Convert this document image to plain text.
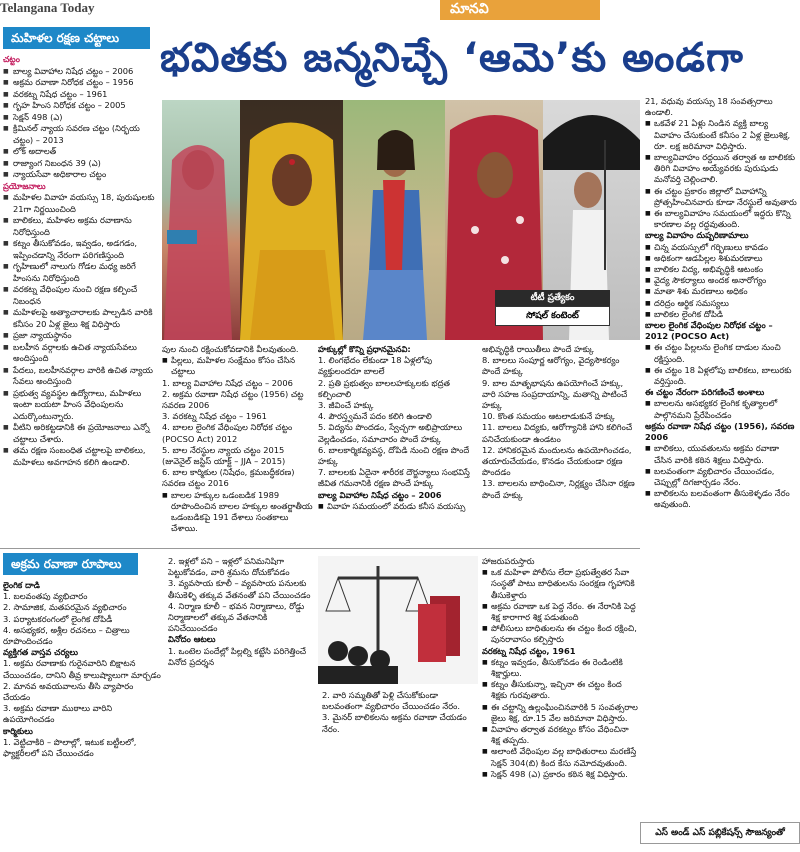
Telangana Today	మానవి
మహిళల రక్షణ చట్టాలు
చట్టం
■ బాల్య వివాహాల నిషేధ చట్టం – 2006
■ అక్రమ రవాణా నిరోధక చట్టం – 1956
■ వరకట్న నిషేధ చట్టం – 1961
■ గృహ హింస నిరోధక చట్టం – 2005
■ సెక్షన్ 498 (ఎ)
■ క్రిమినల్ న్యాయ సవరణ చట్టం (నిర్భయ చట్టం) – 2013
■ లోక్ అదాలత్
■ రాజ్యాంగ నిబంధన 39 (ఎ)
■ న్యాయసేవా అధికారాల చట్టం
ప్రయోజనాలు
■ మహిళల వివాహ వయస్సు 18, పురుషులకు 21గా నిర్ణయించింది
■ బాలికలు, మహిళల అక్రమ రవాణాను నిరోధిస్తుంది
■ కట్నం తీసుకోవడం, ఇవ్వడం, అడగడం, ఇప్పించడాన్ని నేరంగా పరిగణిస్తుంది
■ గృహిణులో నాలుగు గోడల మధ్య జరిగే హింసను నిరోధిస్తుంది
■ వరకట్న వేధింపుల నుంచి రక్షణ కల్పించే నిబంధన
■ మహిళలపై అత్యాచారాలకు పాల్పడిన వారికి కనీసం 20 ఏళ్ల జైలు శిక్ష విధిస్తారు
■ ప్రజా న్యాయస్థానం
■ బలహీన వర్గాలకు ఉచిత న్యాయసేవలు అందిస్తుంది
■ పేదలు, బలహీనవర్గాల వారికి ఉచిత న్యాయ సేవలు అందిస్తుంది
■ ప్రభుత్వ వ్యవస్థల ఉద్యోగాలు, మహిళలు ఇంటా బయటా హింస వేధింపులను ఎదుర్కొంటున్నారు.
■ వీటిని అరికట్టడానికి ఈ ప్రయోజనాలు ఎన్నో చట్టాలు చేశారు.
■ తమ రక్షణ సంబంధిత చట్టాలపై బాలికలు, మహిళలు అవగాహన కలిగి ఉండాలి.
భవితకు జన్మనిచ్చే ‘ఆమె’కు అండగా
టీటీ ప్రత్యేకం
సోషల్ కంటెంట్
పుల నుంచి రక్షించుకోవడానికి వీలవుతుంది.
■ పిల్లలు, మహిళల సంక్షేమం కోసం చేసిన చట్టాలు
1. బాల్య వివాహాల నిషేధ చట్టం – 2006
2. అక్రమ రవాణా నిషేధ చట్టం (1956) చట్ట సవరణ 2006
3. వరకట్న నిషేధ చట్టం – 1961
4. బాలల లైంగిక వేధింపుల నిరోధక చట్టం (POCSO Act) 2012
5. బాల నేరస్థుల న్యాయ చట్టం 2015 (జువెనైల్ జస్టిస్ యాక్ట్ – JJA – 2015)
6. బాల కార్మికుల (నిషేధం, క్రమబద్ధీకరణ) సవరణ చట్టం 2016
■ బాలల హక్కుల ఒడంబడిక 1989 రూపొందించిన బాలల హక్కుల అంతర్జాతీయ ఒడంబడికపై 191 దేశాలు సంతకాలు చేశాయి.
హక్కుల్లో కొన్ని ప్రధానమైనవి:
1. లింగభేదం లేకుండా 18 ఏళ్లలోపు వ్యక్తులందరూ బాలలే
2. ప్రతి ప్రభుత్వం బాలలహక్కులకు భద్రత కల్పించాలి
3. జీవించే హక్కు
4. పౌరస్త్వమనే పదం కలిగి ఉండాలి
5. విద్యను పొందడం, స్వేచ్ఛగా అభిప్రాయాలు వెల్లడించడం, సమాచారం పొందే హక్కు
6. బాలకార్మికవ్యవస్థ, దోపిడి నుంచి రక్షణ పొందే హక్కు
7. బాలలకు ఏదైనా శారీరక దౌర్జన్యాలు సంభవిస్తే జీవిత గమనానికి రక్షణ పొందే హక్కు
బాల్య వివాహాల నిషేధ చట్టం – 2006
■ వివాహ సమయంలో వరుడు కనీస వయస్సు
అభివృద్ధికి రాయితీలు పొందే హక్కు
8. బాలలు సంపూర్ణ ఆరోగ్యం, వైద్యసౌకర్యం పొందే హక్కు
9. బాల మాతృభాషను ఉపయోగించే హక్కు, వారి సహజ సంప్రదాయాన్ని, మతాన్ని పాటించే హక్కు
10. కొంత సమయం ఆటలాడుకునే హక్కు
11. బాలలు విద్యకు, ఆరోగ్యానికి హాని కలిగించే పనిచేయకుండా ఉండటం
12. హానికరమైన మందులను ఉపయోగించడం, తయారుచేయడం, కొనడం చేయకుండా రక్షణ పొందడం
13. బాలలను బాధించినా, నిర్లక్ష్యం చేసినా రక్షణ పొందే హక్కు
21, వధువు వయస్సు 18 సంవత్సరాలు ఉండాలి.
■ ఒకవేళ 21 ఏళ్లు నిండిన వ్యక్తి బాల్య వివాహం చేసుకుంటే కనీసం 2 ఏళ్ల జైలుశిక్ష, రూ. లక్ష జరిమానా విధిస్తారు.
■ బాల్యవివాహం రద్దయిన తర్వాత ఆ బాలికకు తిరిగి వివాహం అయ్యేవరకు పురుషుడు మనోవర్తి చెల్లించాలి.
■ ఈ చట్టం ప్రకారం జిల్లాలో వివాహాన్ని ప్రోత్సహించినవారు కూడా నేరస్థులే అవుతారు
■ ఈ బాల్యవివాహం సమయంలో ఇద్దరు కొన్ని కారణాల వల్ల రద్దవుతుంది.
బాల్య వివాహం దుష్పరిణామాలు
■ చిన్న వయస్సులో గర్భిణులు కావడం
■ అధికంగా ఆడపిల్లల శిశుమరణాలు
■ బాలికల విద్య, అభివృద్ధికి ఆటంకం
■ వైద్య సౌకర్యాలు అందక అనారోగ్యం
■ మాతా శిశు మరణాలు అధికం
■ దరిద్రం ఆర్థిక సమస్యలు
■ బాలికల లైంగిక దోపిడి
బాలల లైంగిక వేధింపుల నిరోధక చట్టం – 2012 (POCSO Act)
■ ఈ చట్టం పిల్లలను లైంగిక దాడుల నుంచి రక్షిస్తుంది.
■ ఈ చట్టం 18 ఏళ్లలోపు బాలికలు, బాలురకు వర్తిస్తుంది.
ఈ చట్టం నేరంగా పరిగణించే అంశాలు
■ బాలలను అసభ్యకర లైంగిక కృత్యాలలో పాల్గొనమని ప్రేరేపించడం
అక్రమ రవాణా నిషేధ చట్టం (1956), సవరణ 2006
■ బాలికలు, యువతులను అక్రమ రవాణా చేసిన వారికి కఠిన శిక్షలు విధిస్తారు.
■ బలవంతంగా వ్యభిచారం చేయించడం, చెప్పుల్లో దిగజార్చడం నేరం.
■ బాలికలను బలవంతంగా తీసుకెళ్ళడం నేరం అవుతుంది.
అక్రమ రవాణా రూపాలు
లైంగిక దాడి
1. బలవంతపు వ్యభిచారం
2. సామాజిక, మతపరమైన వ్యభిచారం
3. పర్యాటకరంగంలో లైంగిక దోపిడీ
4. అసభ్యకర, అశ్లీల రచనలు – చిత్రాలు రూపొందించడం
వ్యక్తిగత వాస్తవ చర్యలు
1. అక్రమ రవాణాకు గురైనవారిని బిక్షాటన చేయించడం, దానిని తీవ్ర కాలుష్యాలుగా మార్చడం
2. మానవ అవయవాలను తీసి వ్యాపారం చేయడం
3. అక్రమ రవాణా ముఠాలు వారిని ఉపయోగించడం
కార్మికులు
1. వెట్టిచాకిరి – పొలాల్లో, ఇటుక బట్టీలలో, ఫ్యాక్టరీలలో పని చేయించడం
2. ఇళ్లలో పని – ఇళ్లలో పనిమనిషిగా పెట్టుకోవడం, వారి శ్రమను దోచుకోవడం
3. వ్యవసాయ కూలీ – వ్యవసాయ పనులకు తీసుకెళ్ళి తక్కువ వేతనంతో పని చేయించడం
4. నిర్మాణ కూలీ – భవన నిర్మాణాలు, రోడ్డు నిర్మాణాలలో తక్కువ వేతనానికి పనిచేయించడం
వినోదం ఆటలు
1. ఒంటెల పందేల్లో పిల్లల్ని కట్టేసి పరిగెత్తించే వినోద ప్రదర్శన
2. వారి సమ్మతితో పెళ్లి చేసుకోకుండా బలవంతంగా వ్యభిచారం చేయించడం నేరం.
3. మైనర్ బాలికలను అక్రమ రవాణా చేయడం నేరం.
హాజరుపరుస్తారు
■ ఒక మహిళా పోలీసు లేదా ప్రభుత్వేతర సేవా సంస్థతో పాటు బాధితులను సంరక్షణ గృహానికి తీసుకెళ్తారు
■ అక్రమ రవాణా ఒక పెద్ద నేరం. ఈ నేరానికి పెద్ద శిక్ష కారాగార శిక్ష పడుతుంది
■ పోలీసులు బాధితులను ఈ చట్టం కింద రక్షించి, పునరావాసం కల్పిస్తారు
వరకట్న నిషేధ చట్టం, 1961
■ కట్నం ఇవ్వడం, తీసుకోవడం ఈ రెండింటికి శిక్షార్హులు.
■ కట్నం తీసుకున్నా, ఇచ్చినా ఈ చట్టం కింద శిక్షకు గురవుతారు.
■ ఈ చట్టాన్ని ఉల్లంఘించినవారికి 5 సంవత్సరాల జైలు శిక్ష, రూ.15 వేల జరిమానా విధిస్తారు.
■ వివాహం తర్వాత వరకట్నం కోసం వేధించినా శిక్ష తప్పదు.
■ అలాంటి వేధింపుల వల్ల బాధితురాలు మరణిస్తే సెక్షన్ 304(బి) కింద కేసు నమోదవుతుంది.
■ సెక్షన్ 498 (ఎ) ప్రకారం కఠిన శిక్ష విధిస్తారు.
ఎస్ అండ్ ఎస్ పబ్లికేషన్స్ సౌజన్యంతో
